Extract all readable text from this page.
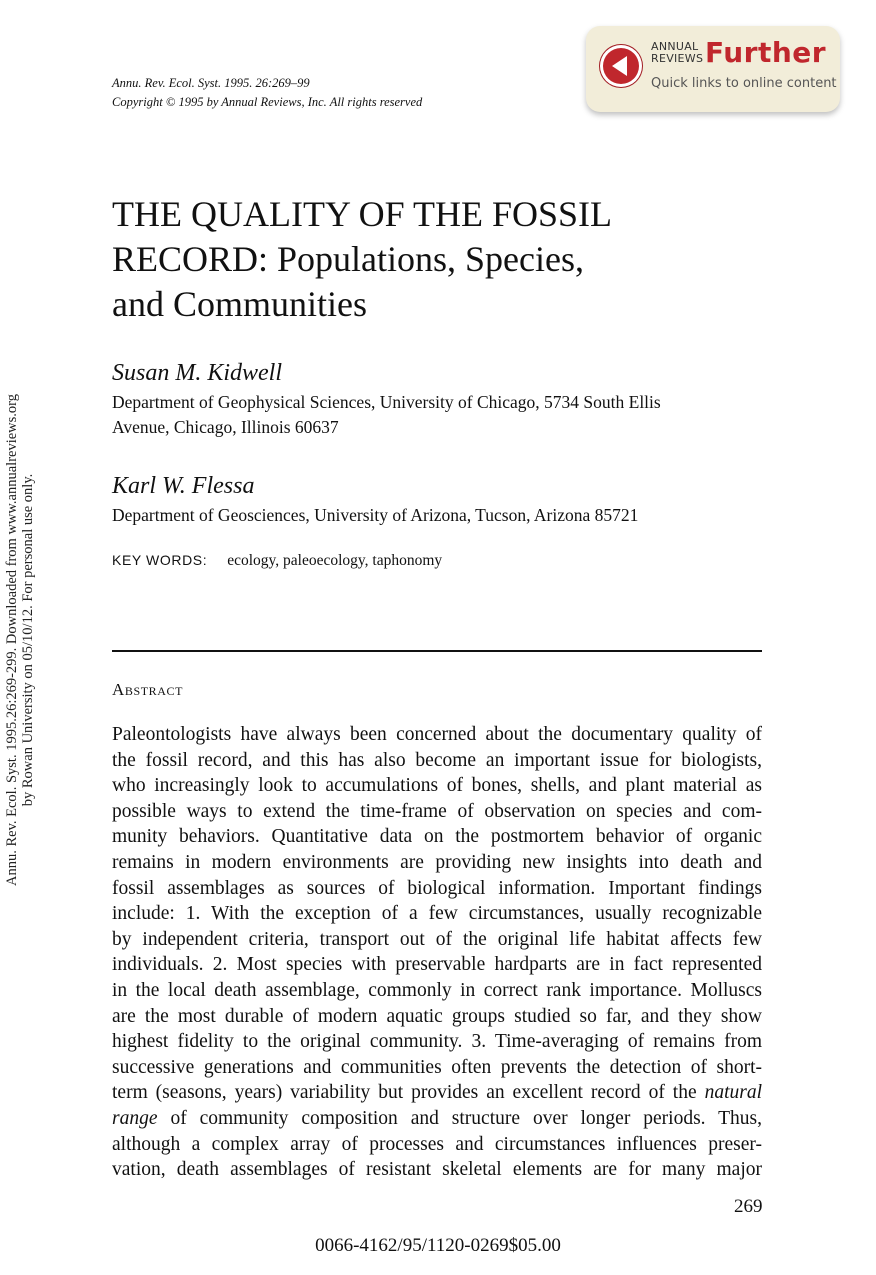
Annu. Rev. Ecol. Syst. 1995.26:269-299. Downloaded from www.annualreviews.org by Rowan University on 05/10/12. For personal use only.
Annu. Rev. Ecol. Syst. 1995. 26:269–99
Copyright © 1995 by Annual Reviews, Inc. All rights reserved
ANNUAL
REVIEWS Further
Quick links to online content
THE QUALITY OF THE FOSSIL
RECORD: Populations, Species,
and Communities
Susan M. Kidwell
Department of Geophysical Sciences, University of Chicago, 5734 South Ellis
Avenue, Chicago, Illinois 60637
Karl W. Flessa
Department of Geosciences, University of Arizona, Tucson, Arizona 85721
KEY WORDS: ecology, paleoecology, taphonomy
Abstract
Paleontologists have always been concerned about the documentary quality of
the fossil record, and this has also become an important issue for biologists,
who increasingly look to accumulations of bones, shells, and plant material as
possible ways to extend the time-frame of observation on species and com-
munity behaviors. Quantitative data on the postmortem behavior of organic
remains in modern environments are providing new insights into death and
fossil assemblages as sources of biological information. Important findings
include: 1. With the exception of a few circumstances, usually recognizable
by independent criteria, transport out of the original life habitat affects few
individuals. 2. Most species with preservable hardparts are in fact represented
in the local death assemblage, commonly in correct rank importance. Molluscs
are the most durable of modern aquatic groups studied so far, and they show
highest fidelity to the original community. 3. Time-averaging of remains from
successive generations and communities often prevents the detection of short-
term (seasons, years) variability but provides an excellent record of the natural
range of community composition and structure over longer periods. Thus,
although a complex array of processes and circumstances influences preser-
vation, death assemblages of resistant skeletal elements are for many major
269
0066-4162/95/1120-0269$05.00
